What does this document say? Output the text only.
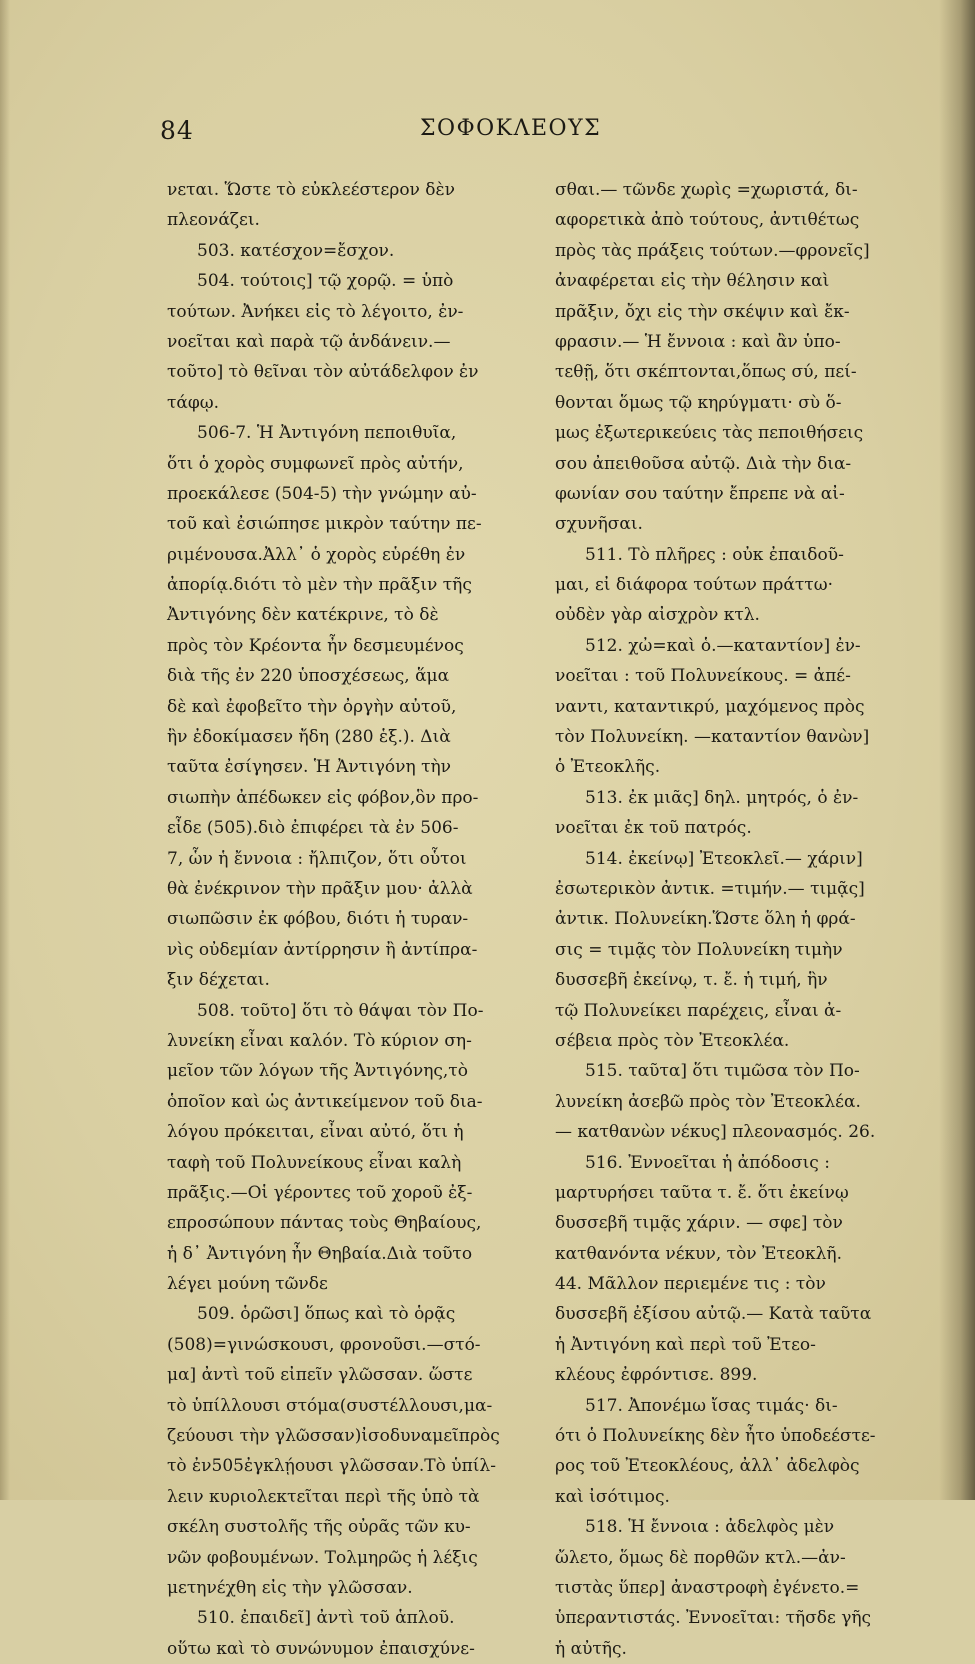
84	ΣΟΦΟΚΛΕΟΥΣ
νεται. Ὥστε τὸ εὐκλεέστερον δὲν
πλεονάζει.
503. κατέσχον=ἔσχον.
504. τούτοις] τῷ χορῷ. = ὑπὸ
τούτων. Ἀνήκει εἰς τὸ λέγοιτο, ἐν-
νοεῖται καὶ παρὰ τῷ ἁνδάνειν.—
τοῦτο] τὸ θεῖναι τὸν αὐτάδελφον ἐν
τάφῳ.
506-7. Ἡ Ἀντιγόνη πεποιθυῖα,
ὅτι ὁ χορὸς συμφωνεῖ πρὸς αὐτήν,
προεκάλεσε (504-5) τὴν γνώμην αὐ-
τοῦ καὶ ἐσιώπησε μικρὸν ταύτην πε-
ριμένουσα.Ἀλλ᾽ ὁ χορὸς εὑρέθη ἐν
ἀπορίᾳ.διότι τὸ μὲν τὴν πρᾶξιν τῆς
Ἀντιγόνης δὲν κατέκρινε, τὸ δὲ
πρὸς τὸν Κρέοντα ἦν δεσμευμένος
διὰ τῆς ἐν 220 ὑποσχέσεως, ἅμα
δὲ καὶ ἐφοβεῖτο τὴν ὀργὴν αὐτοῦ,
ἣν ἐδοκίμασεν ἤδη (280 ἑξ.). Διὰ
ταῦτα ἐσίγησεν. Ἡ Ἀντιγόνη τὴν
σιωπὴν ἀπέδωκεν εἰς φόβον,ὃν προ-
εἶδε (505).διὸ ἐπιφέρει τὰ ἐν 506-
7, ὧν ἡ ἔννοια : ἤλπιζον, ὅτι οὗτοι
θὰ ἐνέκρινον τὴν πρᾶξιν μου· ἀλλὰ
σιωπῶσιν ἐκ φόβου, διότι ἡ τυραν-
νὶς οὐδεμίαν ἀντίρρησιν ἢ ἀντίπρα-
ξιν δέχεται.
508. τοῦτο] ὅτι τὸ θάψαι τὸν Πο-
λυνείκη εἶναι καλόν. Τὸ κύριον ση-
μεῖον τῶν λόγων τῆς Ἀντιγόνης,τὸ
ὁποῖον καὶ ὡς ἀντικείμενον τοῦ διa-
λόγου πρόκειται, εἶναι αὐτό, ὅτι ἡ
ταφὴ τοῦ Πολυνείκους εἶναι καλὴ
πρᾶξις.—Οἱ γέροντες τοῦ χοροῦ ἐξ-
επροσώπουν πάντας τοὺς Θηβαίους,
ἡ δ᾽ Ἀντιγόνη ἦν Θηβαία.Διὰ τοῦτο
λέγει μούνη τῶνδε
509. ὁρῶσι] ὅπως καὶ τὸ ὁρᾷς
(508)=γινώσκουσι, φρονοῦσι.—στό-
μα] ἀντὶ τοῦ εἰπεῖν γλῶσσαν. ὥστε
τὸ ὑπίλλουσι στόμα(συστέλλουσι,μα-
ζεύουσι τὴν γλῶσσαν)ἰσοδυναμεῖπρὸς
τὸ ἐν505ἐγκλῄουσι γλῶσσαν.Τὸ ὑπίλ-
λειν κυριολεκτεῖται περὶ τῆς ὑπὸ τὰ
σκέλη συστολῆς τῆς οὐρᾶς τῶν κυ-
νῶν φοβουμένων. Τολμηρῶς ἡ λέξις
μετηνέχθη εἰς τὴν γλῶσσαν.
510. ἐπαιδεῖ] ἀντὶ τοῦ ἁπλοῦ.
οὕτω καὶ τὸ συνώνυμον ἐπαισχύνε-
σθαι.— τῶνδε χωρὶς =χωριστά, δι-
αφορετικὰ ἀπὸ τούτους, ἀντιθέτως
πρὸς τὰς πράξεις τούτων.—φρονεῖς]
ἀναφέρεται εἰς τὴν θέλησιν καὶ
πρᾶξιν, ὄχι εἰς τὴν σκέψιν καὶ ἔκ-
φρασιν.— Ἡ ἔννοια : καὶ ἂν ὑπο-
τεθῇ, ὅτι σκέπτονται,ὅπως σύ, πεί-
θονται ὅμως τῷ κηρύγματι· σὺ ὅ-
μως ἐξωτερικεύεις τὰς πεποιθήσεις
σου ἀπειθοῦσα αὐτῷ. Διὰ τὴν δια-
φωνίαν σου ταύτην ἔπρεπε νὰ αἰ-
σχυνῆσαι.
511. Τὸ πλῆρες : οὐκ ἐπαιδοῦ-
μαι, εἰ διάφορα τούτων πράττω·
οὐδὲν γὰρ αἰσχρὸν κτλ.
512. χὠ=καὶ ὁ.—καταντίον] ἐν-
νοεῖται : τοῦ Πολυνείκους. = ἀπέ-
ναντι, καταντικρύ, μαχόμενος πρὸς
τὸν Πολυνείκη. —καταντίον θανὼν]
ὁ Ἐτεοκλῆς.
513. ἐκ μιᾶς] δηλ. μητρός, ὁ ἐν-
νοεῖται ἐκ τοῦ πατρός.
514. ἐκείνῳ] Ἐτεοκλεῖ.— χάριν]
ἐσωτερικὸν ἀντικ. =τιμήν.— τιμᾷς]
ἀντικ. Πολυνείκη.Ὥστε ὅλη ἡ φρά-
σις = τιμᾷς τὸν Πολυνείκη τιμὴν
δυσσεβῆ ἐκείνῳ, τ. ἔ. ἡ τιμή, ἣν
τῷ Πολυνείκει παρέχεις, εἶναι ἀ-
σέβεια πρὸς τὸν Ἐτεοκλέα.
515. ταῦτα] ὅτι τιμῶσα τὸν Πο-
λυνείκη ἀσεβῶ πρὸς τὸν Ἐτεοκλέα.
— κατθανὼν νέκυς] πλεονασμός. 26.
516. Ἐννοεῖται ἡ ἀπόδοσις :
μαρτυρήσει ταῦτα τ. ἔ. ὅτι ἐκείνῳ
δυσσεβῆ τιμᾷς χάριν. — σφε] τὸν
κατθανόντα νέκυν, τὸν Ἐτεοκλῆ.
44. Μᾶλλον περιεμένε τις : τὸν
δυσσεβῆ ἐξίσου αὐτῷ.— Κατὰ ταῦτα
ἡ Ἀντιγόνη καὶ περὶ τοῦ Ἐτεο-
κλέους ἐφρόντισε. 899.
517. Ἀπονέμω ἴσας τιμάς· δι-
ότι ὁ Πολυνείκης δὲν ἦτο ὑποδεέστε-
ρος τοῦ Ἐτεοκλέους, ἀλλ᾽ ἀδελφὸς
καὶ ἰσότιμος.
518. Ἡ ἔννοια : ἀδελφὸς μὲν
ὤλετο, ὅμως δὲ πορθῶν κτλ.—ἀν-
τιστὰς ὕπερ] ἀναστροφὴ ἐγένετο.=
ὑπεραντιστάς. Ἐννοεῖται: τῆσδε γῆς
ἡ αὐτῆς.
